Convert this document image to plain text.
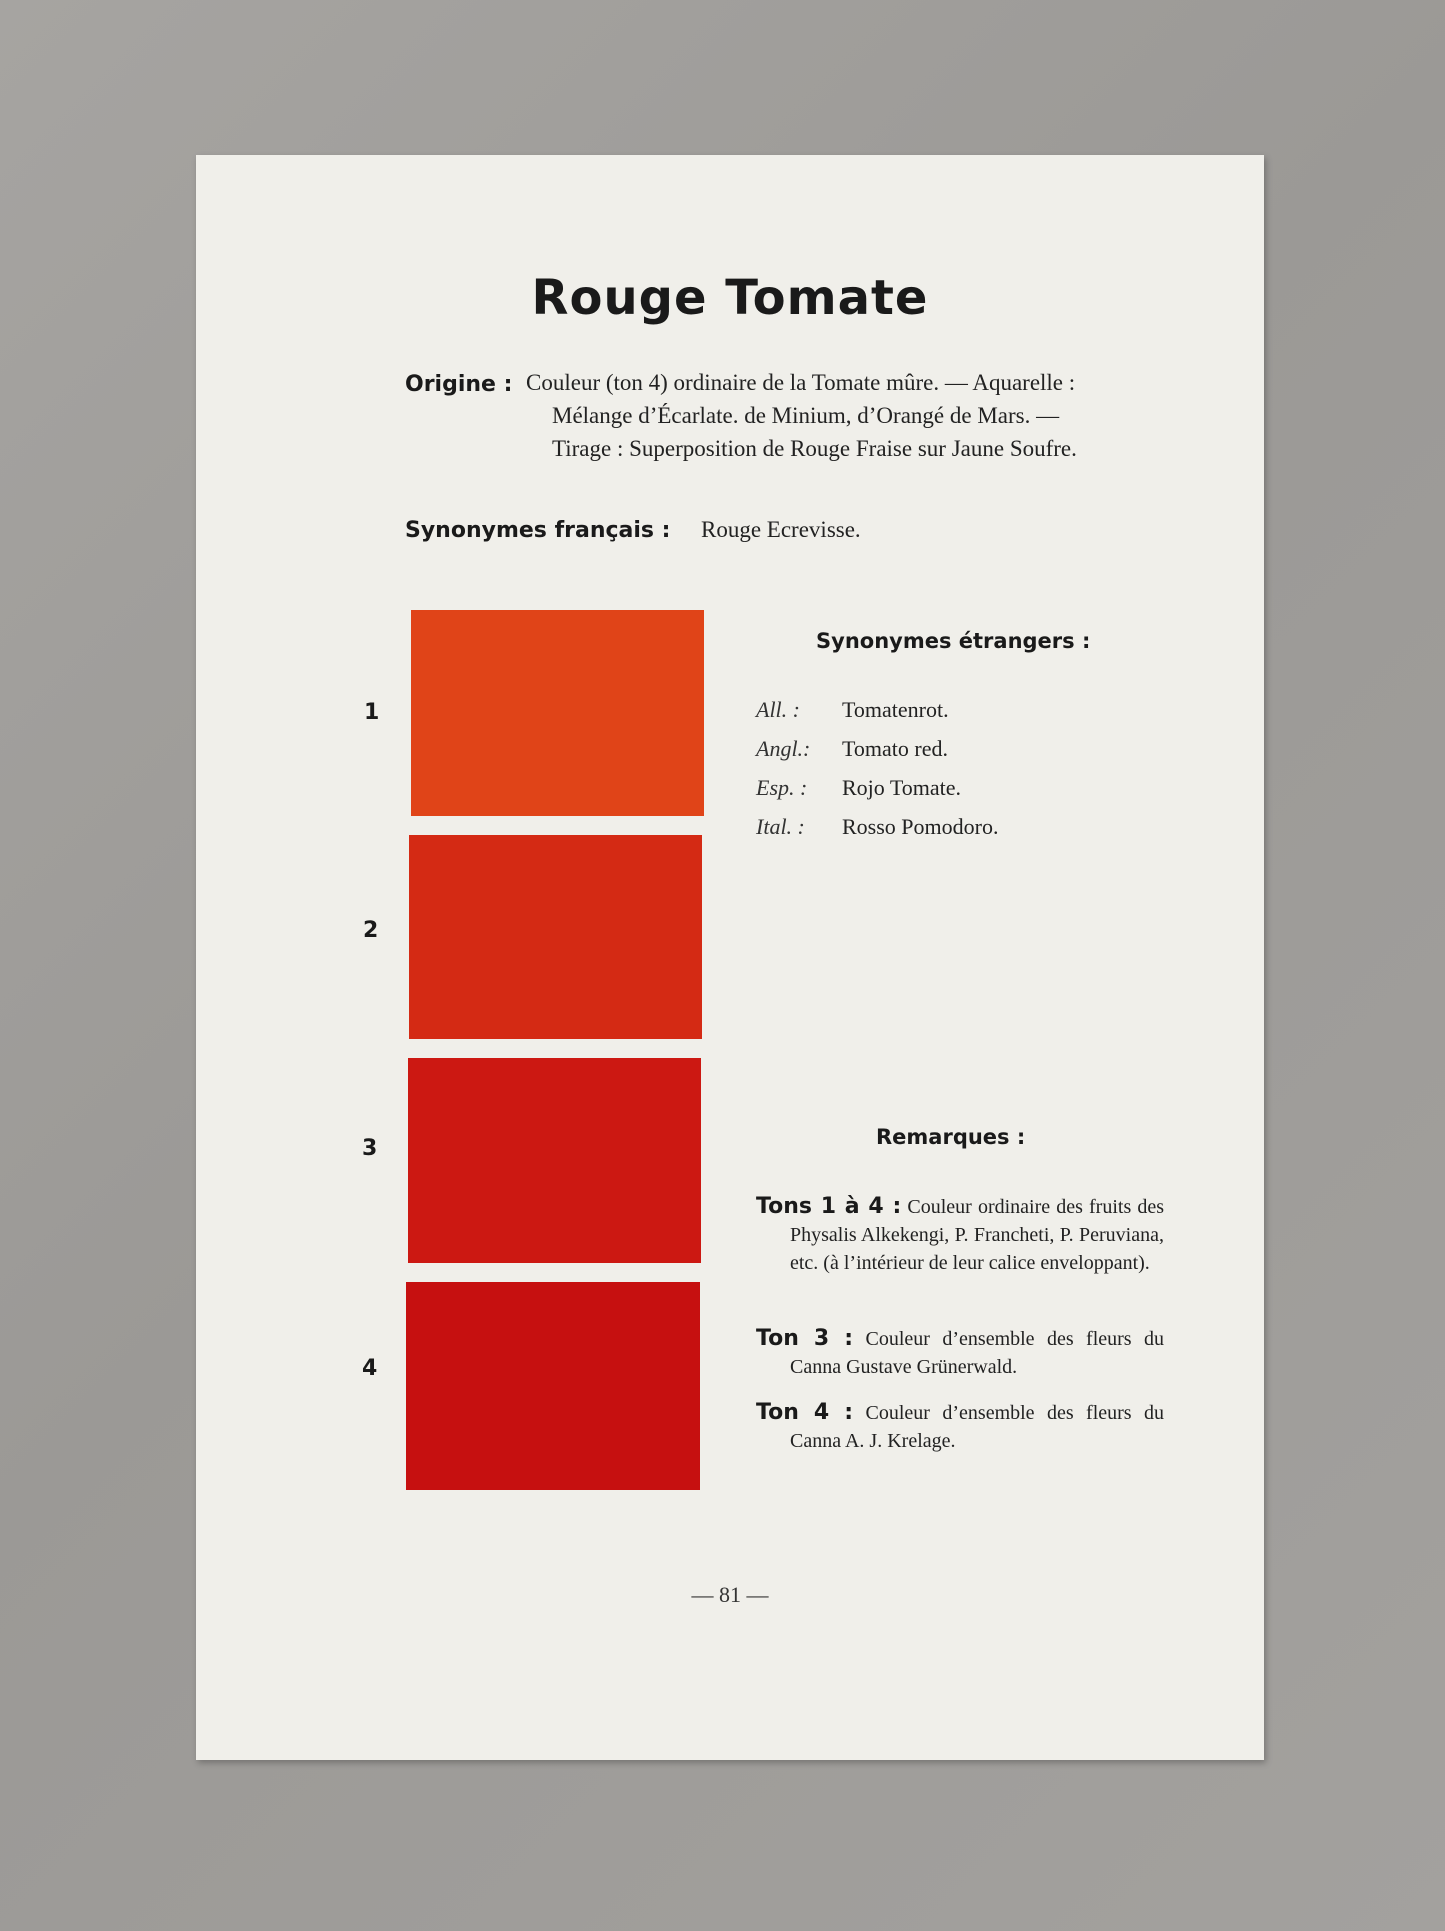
Rouge Tomate
Origine : Couleur (ton 4) ordinaire de la Tomate mûre. — Aquarelle :
Mélange d’Écarlate. de Minium, d’Orangé de Mars. —
Tirage : Superposition de Rouge Fraise sur Jaune Soufre.
Synonymes français : Rouge Ecrevisse.
1
2
3
4
Synonymes étrangers :
All. : Tomatenrot.
Angl.: Tomato red.
Esp. : Rojo Tomate.
Ital. : Rosso Pomodoro.
Remarques :
Tons 1 à 4 : Couleur ordinaire des fruits des Physalis Alkekengi, P. Francheti, P. Peruviana, etc. (à l’intérieur de leur calice enveloppant).
Ton 3 : Couleur d’ensemble des fleurs du Canna Gustave Grünerwald.
Ton 4 : Couleur d’ensemble des fleurs du Canna A. J. Krelage.
— 81 —
